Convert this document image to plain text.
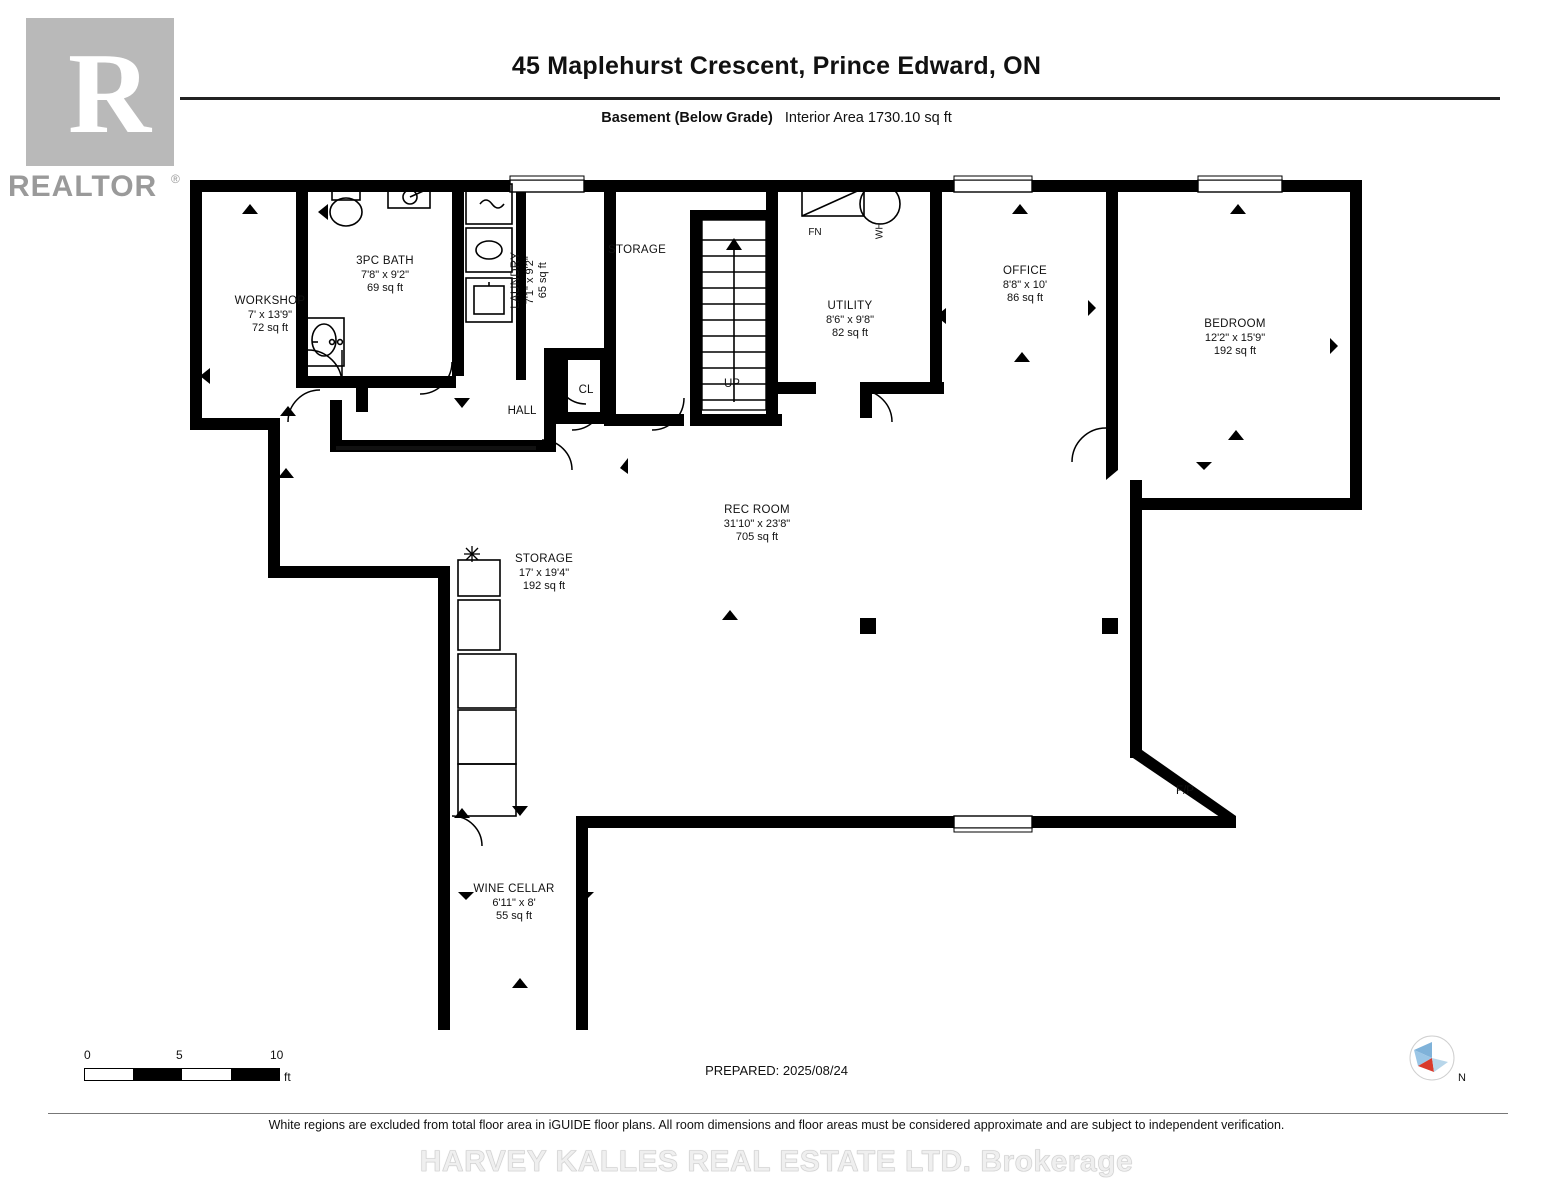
R
REALTOR ®
45 Maplehurst Crescent, Prince Edward, ON
Basement (Below Grade) Interior Area 1730.10 sq ft
WORKSHOP
7' x 13'9"
72 sq ft
3PC BATH
7'8" x 9'2"
69 sq ft	LAUNDRY 7'1" x 9'2" 65 sq ft
STORAGE
UTILITY
8'6" x 9'8"
82 sq ft
OFFICE
8'8" x 10'
86 sq ft
BEDROOM
12'2" x 15'9"
192 sq ft
REC ROOM
31'10" x 23'8"
705 sq ft
STORAGE
17' x 19'4"
192 sq ft
WINE CELLAR
6'11" x 8'
55 sq ft
HALL
CL	UP
F/P
FN	WH
0	5	10
ft	PREPARED: 2025/08/24	N
White regions are excluded from total floor area in iGUIDE floor plans. All room dimensions and floor areas must be considered approximate and are subject to independent verification.
HARVEY KALLES REAL ESTATE LTD. Brokerage
